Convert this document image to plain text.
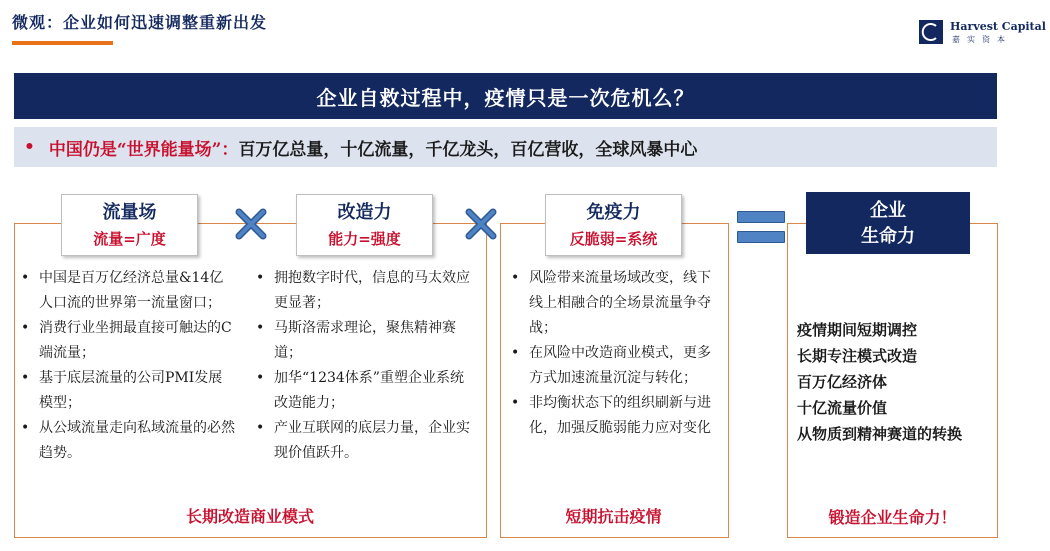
微观：企业如何迅速调整重新出发	Harvest Capital
嘉实资本
企业自救过程中，疫情只是一次危机么？
• 中国仍是“世界能量场”： 百万亿总量，十亿流量，千亿龙头，百亿营收，全球风暴中心
• 中国是百万亿经济总量&14亿人口流的世界第一流量窗口；
• 消费行业坐拥最直接可触达的C端流量；
• 基于底层流量的公司PMI发展模型；
• 从公域流量走向私域流量的必然趋势。
• 拥抱数字时代，信息的马太效应更显著；
• 马斯洛需求理论，聚焦精神赛道；
• 加华“1234体系”重塑企业系统改造能力；
• 产业互联网的底层力量，企业实现价值跃升。
长期改造商业模式
• 风险带来流量场域改变，线下线上相融合的全场景流量争夺战；
• 在风险中改造商业模式，更多方式加速流量沉淀与转化；
• 非均衡状态下的组织刷新与进化，加强反脆弱能力应对变化
短期抗击疫情
疫情期间短期调控
长期专注模式改造
百万亿经济体
十亿流量价值
从物质到精神赛道的转换
锻造企业生命力！
流量场
流量=广度
改造力
能力=强度
免疫力
反脆弱=系统
企业
生命力
